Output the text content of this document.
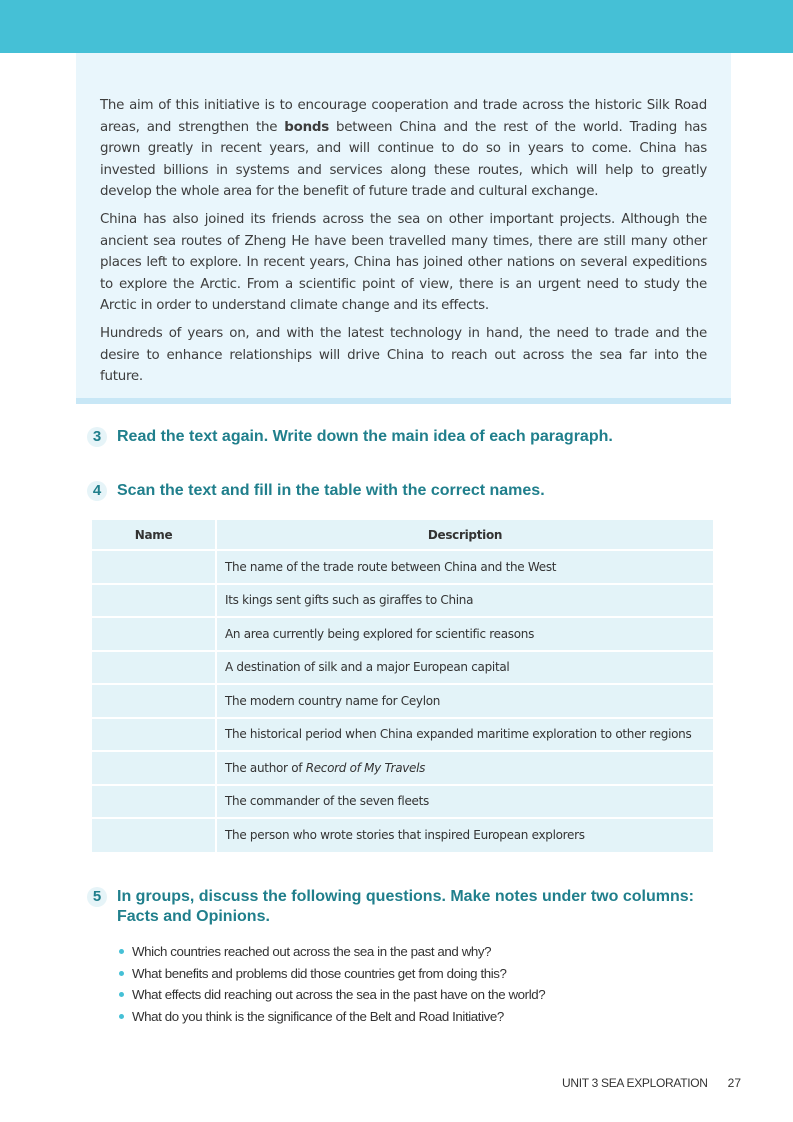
The aim of this initiative is to encourage cooperation and trade across the historic Silk Road areas, and strengthen the bonds between China and the rest of the world. Trading has grown greatly in recent years, and will continue to do so in years to come. China has invested billions in systems and services along these routes, which will help to greatly develop the whole area for the benefit of future trade and cultural exchange.

China has also joined its friends across the sea on other important projects. Although the ancient sea routes of Zheng He have been travelled many times, there are still many other places left to explore. In recent years, China has joined other nations on several expeditions to explore the Arctic. From a scientific point of view, there is an urgent need to study the Arctic in order to understand climate change and its effects.

Hundreds of years on, and with the latest technology in hand, the need to trade and the desire to enhance relationships will drive China to reach out across the sea far into the future.

3 Read the text again. Write down the main idea of each paragraph.
4 Scan the text and fill in the table with the correct names.
Name	Description
	The name of the trade route between China and the West
	Its kings sent gifts such as giraffes to China
	An area currently being explored for scientific reasons
	A destination of silk and a major European capital
	The modern country name for Ceylon
	The historical period when China expanded maritime exploration to other regions
	The author of Record of My Travels
	The commander of the seven fleets
	The person who wrote stories that inspired European explorers
5 In groups, discuss the following questions. Make notes under two columns: Facts and Opinions.
Which countries reached out across the sea in the past and why?
What benefits and problems did those countries get from doing this?
What effects did reaching out across the sea in the past have on the world?
What do you think is the significance of the Belt and Road Initiative?
UNIT 3 SEA EXPLORATION 27
